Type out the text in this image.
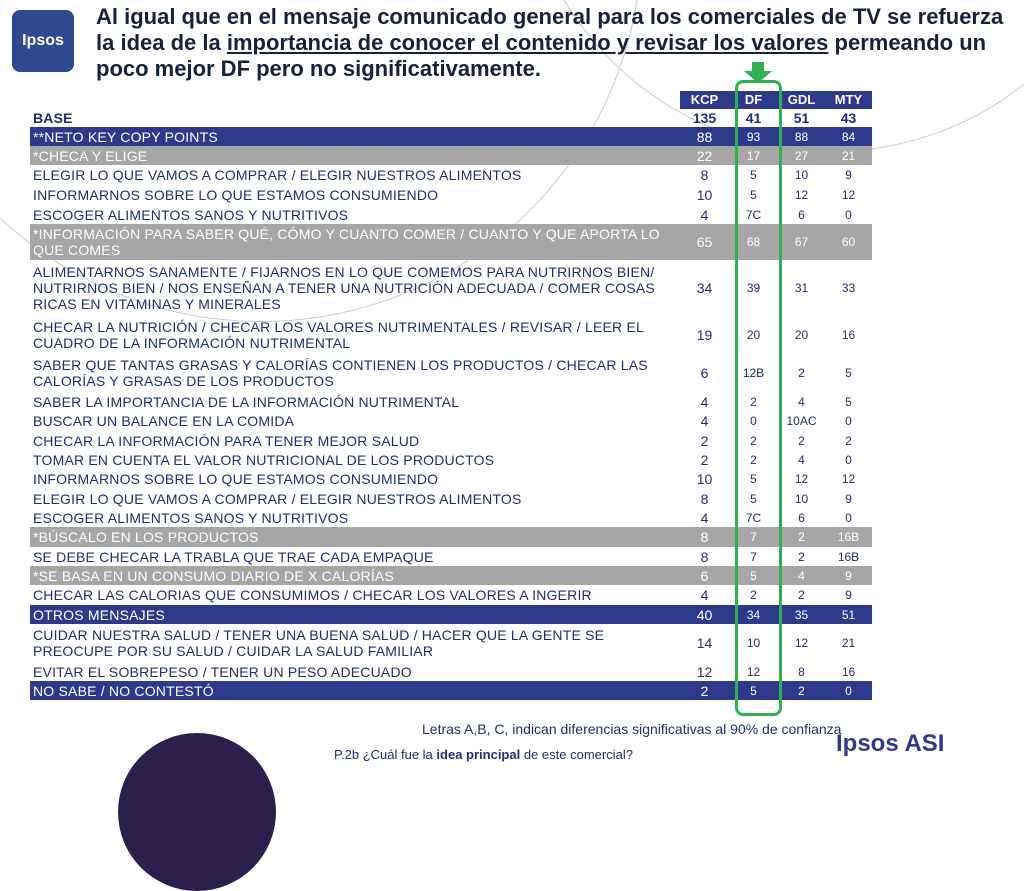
Ipsos
Al igual que en el mensaje comunicado general para los comerciales de TV se refuerza la idea de la importancia de conocer el contenido y revisar los valores permeando un poco mejor DF pero no significativamente.
	KCP	DF	GDL	MTY
BASE	135	41	51	43
**NETO KEY COPY POINTS	88	93	88	84
*CHECA Y ELIGE	22	17	27	21
ELEGIR LO QUE VAMOS A COMPRAR / ELEGIR NUESTROS ALIMENTOS	8	5	10	9
INFORMARNOS SOBRE LO QUE ESTAMOS CONSUMIENDO	10	5	12	12
ESCOGER ALIMENTOS SANOS Y NUTRITIVOS	4	7C	6	0
*INFORMACIÓN PARA SABER QUÉ, CÓMO Y CUANTO COMER / CUANTO Y QUE APORTA LO QUE COMES	65	68	67	60
ALIMENTARNOS SANAMENTE / FIJARNOS EN LO QUE COMEMOS PARA NUTRIRNOS BIEN/ NUTRIRNOS BIEN / NOS ENSEÑAN A TENER UNA NUTRICIÓN ADECUADA / COMER COSAS RICAS EN VITAMINAS Y MINERALES	34	39	31	33
CHECAR LA NUTRICIÓN / CHECAR LOS VALORES NUTRIMENTALES / REVISAR / LEER EL CUADRO DE LA INFORMACIÓN NUTRIMENTAL	19	20	20	16
SABER QUE TANTAS GRASAS Y CALORÍAS CONTIENEN LOS PRODUCTOS / CHECAR LAS CALORÍAS Y GRASAS DE LOS PRODUCTOS	6	12B	2	5
SABER LA IMPORTANCIA DE LA INFORMACIÓN NUTRIMENTAL	4	2	4	5
BUSCAR UN BALANCE EN LA COMIDA	4	0	10AC	0
CHECAR LA INFORMACIÓN PARA TENER MEJOR SALUD	2	2	2	2
TOMAR EN CUENTA EL VALOR NUTRICIONAL DE LOS PRODUCTOS	2	2	4	0
INFORMARNOS SOBRE LO QUE ESTAMOS CONSUMIENDO	10	5	12	12
ELEGIR LO QUE VAMOS A COMPRAR / ELEGIR NUESTROS ALIMENTOS	8	5	10	9
ESCOGER ALIMENTOS SANOS Y NUTRITIVOS	4	7C	6	0
*BÚSCALO EN LOS PRODUCTOS	8	7	2	16B
SE DEBE CHECAR LA TRABLA QUE TRAE CADA EMPAQUE	8	7	2	16B
*SE BASA EN UN CONSUMO DIARIO DE X CALORÍAS	6	5	4	9
CHECAR LAS CALORIAS QUE CONSUMIMOS / CHECAR LOS VALORES A INGERIR	4	2	2	9
OTROS MENSAJES	40	34	35	51
CUIDAR NUESTRA SALUD / TENER UNA BUENA SALUD / HACER QUE LA GENTE SE PREOCUPE POR SU SALUD / CUIDAR LA SALUD FAMILIAR	14	10	12	21
EVITAR EL SOBREPESO / TENER UN PESO ADECUADO	12	12	8	16
NO SABE / NO CONTESTÓ	2	5	2	0
Letras A,B, C, indican diferencias significativas al 90% de confianza
P.2b ¿Cuál fue la idea principal de este comercial?	Ipsos ASI
